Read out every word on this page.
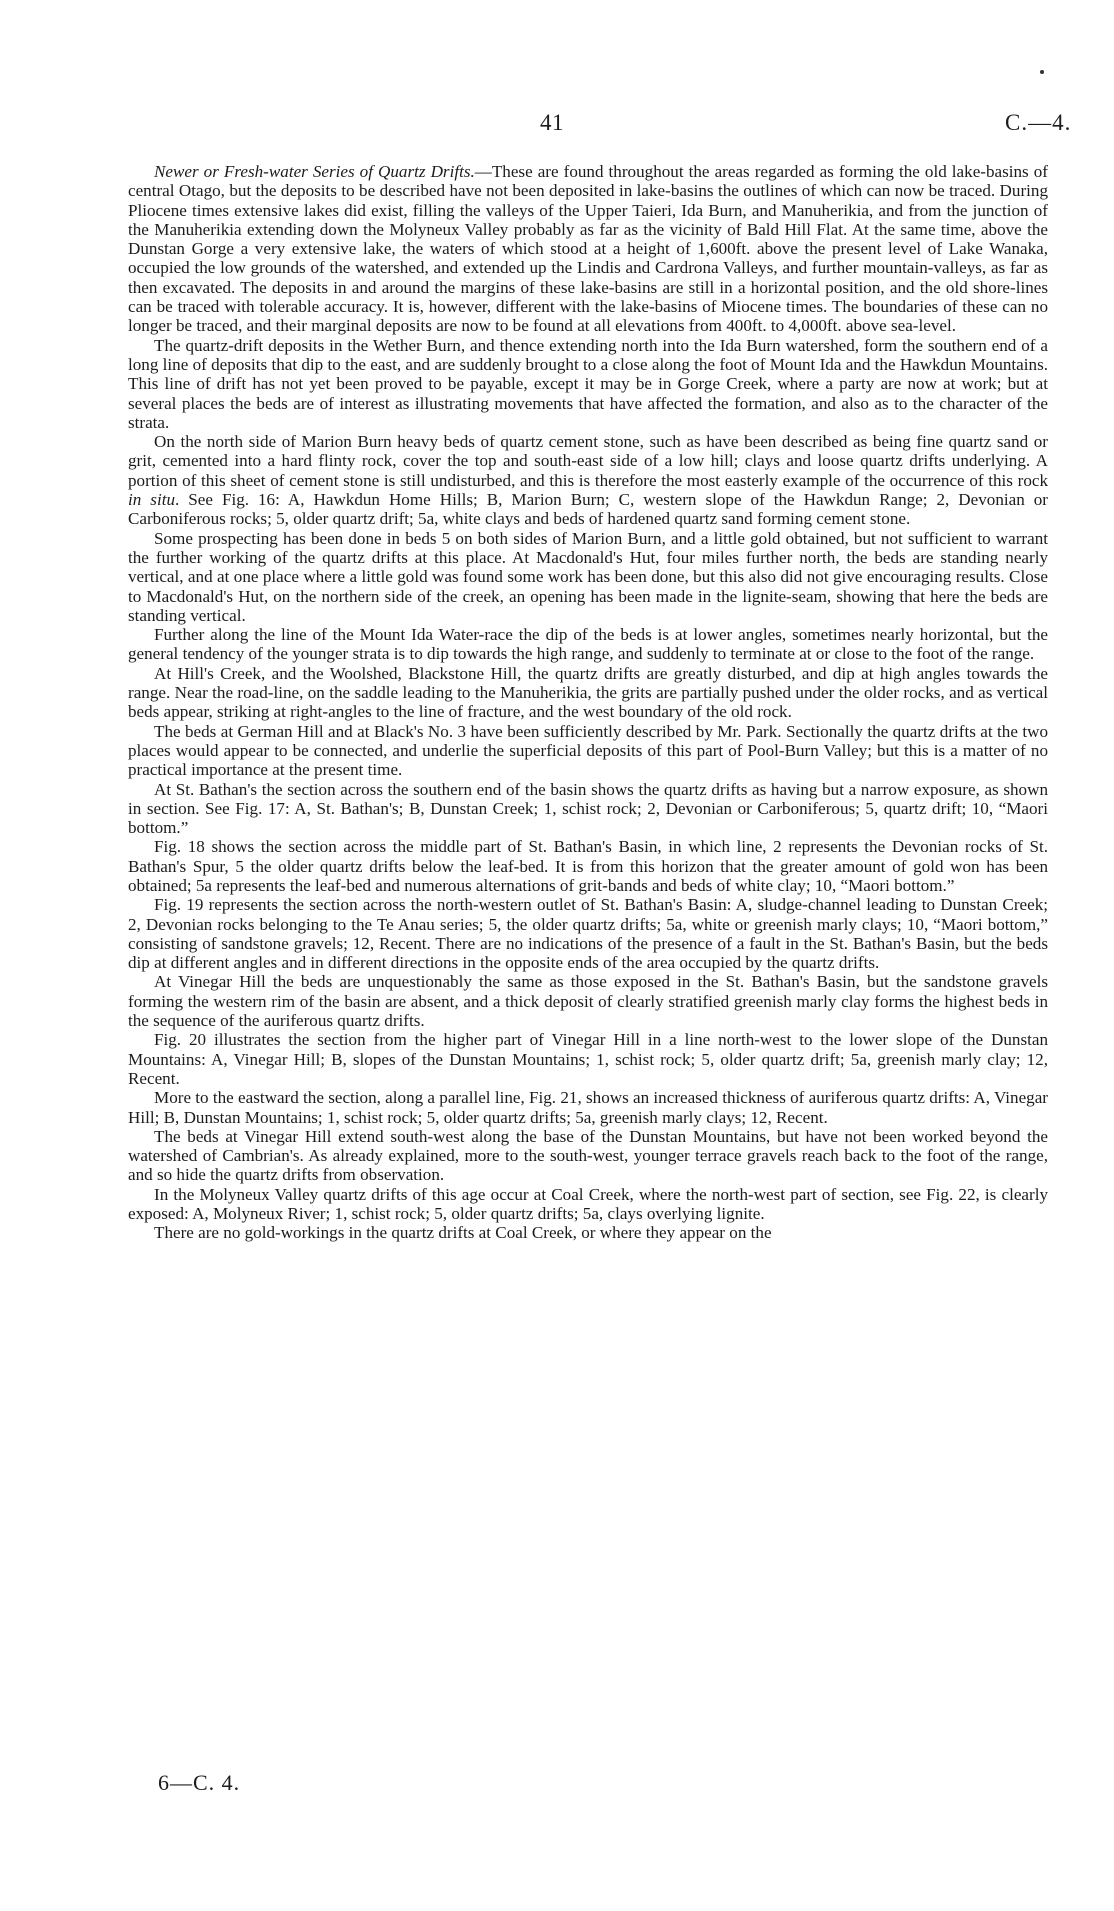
41	C.—4.

Newer or Fresh-water Series of Quartz Drifts.—These are found throughout the areas regarded as forming the old lake-basins of central Otago, but the deposits to be described have not been deposited in lake-basins the outlines of which can now be traced. During Pliocene times extensive lakes did exist, filling the valleys of the Upper Taieri, Ida Burn, and Manuherikia, and from the junction of the Manuherikia extending down the Molyneux Valley probably as far as the vicinity of Bald Hill Flat. At the same time, above the Dunstan Gorge a very extensive lake, the waters of which stood at a height of 1,600ft. above the present level of Lake Wanaka, occupied the low grounds of the watershed, and extended up the Lindis and Cardrona Valleys, and further mountain-valleys, as far as then excavated. The deposits in and around the margins of these lake-basins are still in a horizontal position, and the old shore-lines can be traced with tolerable accuracy. It is, however, different with the lake-basins of Miocene times. The boundaries of these can no longer be traced, and their marginal deposits are now to be found at all elevations from 400ft. to 4,000ft. above sea-level.

The quartz-drift deposits in the Wether Burn, and thence extending north into the Ida Burn watershed, form the southern end of a long line of deposits that dip to the east, and are suddenly brought to a close along the foot of Mount Ida and the Hawkdun Mountains. This line of drift has not yet been proved to be payable, except it may be in Gorge Creek, where a party are now at work; but at several places the beds are of interest as illustrating movements that have affected the formation, and also as to the character of the strata.

On the north side of Marion Burn heavy beds of quartz cement stone, such as have been described as being fine quartz sand or grit, cemented into a hard flinty rock, cover the top and south-east side of a low hill; clays and loose quartz drifts underlying. A portion of this sheet of cement stone is still undisturbed, and this is therefore the most easterly example of the occurrence of this rock in situ. See Fig. 16: A, Hawkdun Home Hills; B, Marion Burn; C, western slope of the Hawkdun Range; 2, Devonian or Carboniferous rocks; 5, older quartz drift; 5a, white clays and beds of hardened quartz sand forming cement stone.

Some prospecting has been done in beds 5 on both sides of Marion Burn, and a little gold obtained, but not sufficient to warrant the further working of the quartz drifts at this place. At Macdonald's Hut, four miles further north, the beds are standing nearly vertical, and at one place where a little gold was found some work has been done, but this also did not give encouraging results. Close to Macdonald's Hut, on the northern side of the creek, an opening has been made in the lignite-seam, showing that here the beds are standing vertical.

Further along the line of the Mount Ida Water-race the dip of the beds is at lower angles, sometimes nearly horizontal, but the general tendency of the younger strata is to dip towards the high range, and suddenly to terminate at or close to the foot of the range.

At Hill's Creek, and the Woolshed, Blackstone Hill, the quartz drifts are greatly disturbed, and dip at high angles towards the range. Near the road-line, on the saddle leading to the Manuherikia, the grits are partially pushed under the older rocks, and as vertical beds appear, striking at right-angles to the line of fracture, and the west boundary of the old rock.

The beds at German Hill and at Black's No. 3 have been sufficiently described by Mr. Park. Sectionally the quartz drifts at the two places would appear to be connected, and underlie the superficial deposits of this part of Pool-Burn Valley; but this is a matter of no practical importance at the present time.

At St. Bathan's the section across the southern end of the basin shows the quartz drifts as having but a narrow exposure, as shown in section. See Fig. 17: A, St. Bathan's; B, Dunstan Creek; 1, schist rock; 2, Devonian or Carboniferous; 5, quartz drift; 10, “Maori bottom.”

Fig. 18 shows the section across the middle part of St. Bathan's Basin, in which line, 2 represents the Devonian rocks of St. Bathan's Spur, 5 the older quartz drifts below the leaf-bed. It is from this horizon that the greater amount of gold won has been obtained; 5a represents the leaf-bed and numerous alternations of grit-bands and beds of white clay; 10, “Maori bottom.”

Fig. 19 represents the section across the north-western outlet of St. Bathan's Basin: A, sludge-channel leading to Dunstan Creek; 2, Devonian rocks belonging to the Te Anau series; 5, the older quartz drifts; 5a, white or greenish marly clays; 10, “Maori bottom,” consisting of sandstone gravels; 12, Recent. There are no indications of the presence of a fault in the St. Bathan's Basin, but the beds dip at different angles and in different directions in the opposite ends of the area occupied by the quartz drifts.

At Vinegar Hill the beds are unquestionably the same as those exposed in the St. Bathan's Basin, but the sandstone gravels forming the western rim of the basin are absent, and a thick deposit of clearly stratified greenish marly clay forms the highest beds in the sequence of the auriferous quartz drifts.

Fig. 20 illustrates the section from the higher part of Vinegar Hill in a line north-west to the lower slope of the Dunstan Mountains: A, Vinegar Hill; B, slopes of the Dunstan Mountains; 1, schist rock; 5, older quartz drift; 5a, greenish marly clay; 12, Recent.

More to the eastward the section, along a parallel line, Fig. 21, shows an increased thickness of auriferous quartz drifts: A, Vinegar Hill; B, Dunstan Mountains; 1, schist rock; 5, older quartz drifts; 5a, greenish marly clays; 12, Recent.

The beds at Vinegar Hill extend south-west along the base of the Dunstan Mountains, but have not been worked beyond the watershed of Cambrian's. As already explained, more to the south-west, younger terrace gravels reach back to the foot of the range, and so hide the quartz drifts from observation.

In the Molyneux Valley quartz drifts of this age occur at Coal Creek, where the north-west part of section, see Fig. 22, is clearly exposed: A, Molyneux River; 1, schist rock; 5, older quartz drifts; 5a, clays overlying lignite.

There are no gold-workings in the quartz drifts at Coal Creek, or where they appear on the

6—C. 4.
